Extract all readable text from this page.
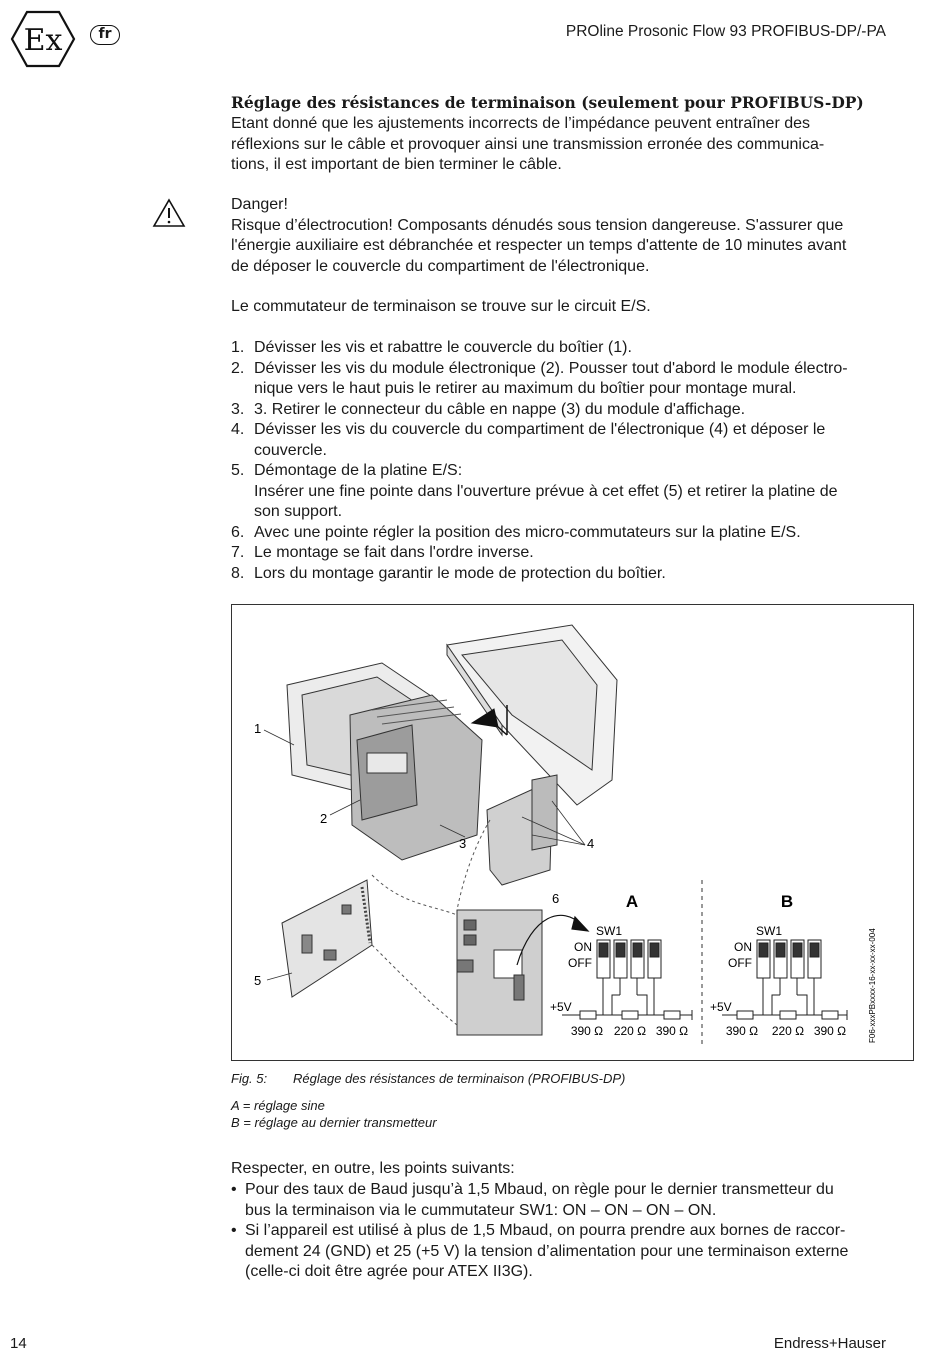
Ex	fr	PROline Prosonic Flow 93 PROFIBUS-DP/-PA
Réglage des résistances de terminaison (seulement pour PROFIBUS-DP)

Etant donné que les ajustements incorrects de l’impédance peuvent entraîner des

réflexions sur le câble et provoquer ainsi une transmission erronée des communica-

tions, il est important de bien terminer le câble.

Danger!

Risque d’électrocution! Composants dénudés sous tension dangereuse. S'assurer que

l'énergie auxiliaire est débranchée et respecter un temps d'attente de 10 minutes avant

de déposer le couvercle du compartiment de l'électronique.

Le commutateur de terminaison se trouve sur le circuit E/S.
1. Dévisser les vis et rabattre le couvercle du boîtier (1).
2. Dévisser les vis du module électronique (2). Pousser tout d'abord le module électro-
nique vers le haut puis le retirer au maximum du boîtier pour montage mural.
3. 3. Retirer le connecteur du câble en nappe (3) du module d'affichage.
4. Dévisser les vis du couvercle du compartiment de l'électronique (4) et déposer le
couvercle.
5. Démontage de la platine E/S:
Insérer une fine pointe dans l'ouverture prévue à cet effet (5) et retirer la platine de
son support.
6. Avec une pointe régler la position des micro-commutateurs sur la platine E/S.
7. Le montage se fait dans l'ordre inverse.
8. Lors du montage garantir le mode de protection du boîtier.
1
2
3	4
5
6	A
SW1
ON
OFF
+5V
390 Ω 220 Ω 390 Ω
B
SW1
ON
OFF
+5V
390 Ω 220 Ω 390 Ω	F06-xxxPBxxxx-16-xx-xx-xx-004
Fig. 5: Réglage des résistances de terminaison (PROFIBUS-DP)
A = réglage sine
B = réglage au dernier transmetteur
Respecter, en outre, les points suivants:
• Pour des taux de Baud jusqu’à 1,5 Mbaud, on règle pour le dernier transmetteur du
bus la terminaison via le cummutateur SW1: ON – ON – ON – ON.
• Si l’appareil est utilisé à plus de 1,5 Mbaud, on pourra prendre aux bornes de raccor-
dement 24 (GND) et 25 (+5 V) la tension d’alimentation pour une terminaison externe
(celle-ci doit être agrée pour ATEX II3G).
14	Endress+Hauser
